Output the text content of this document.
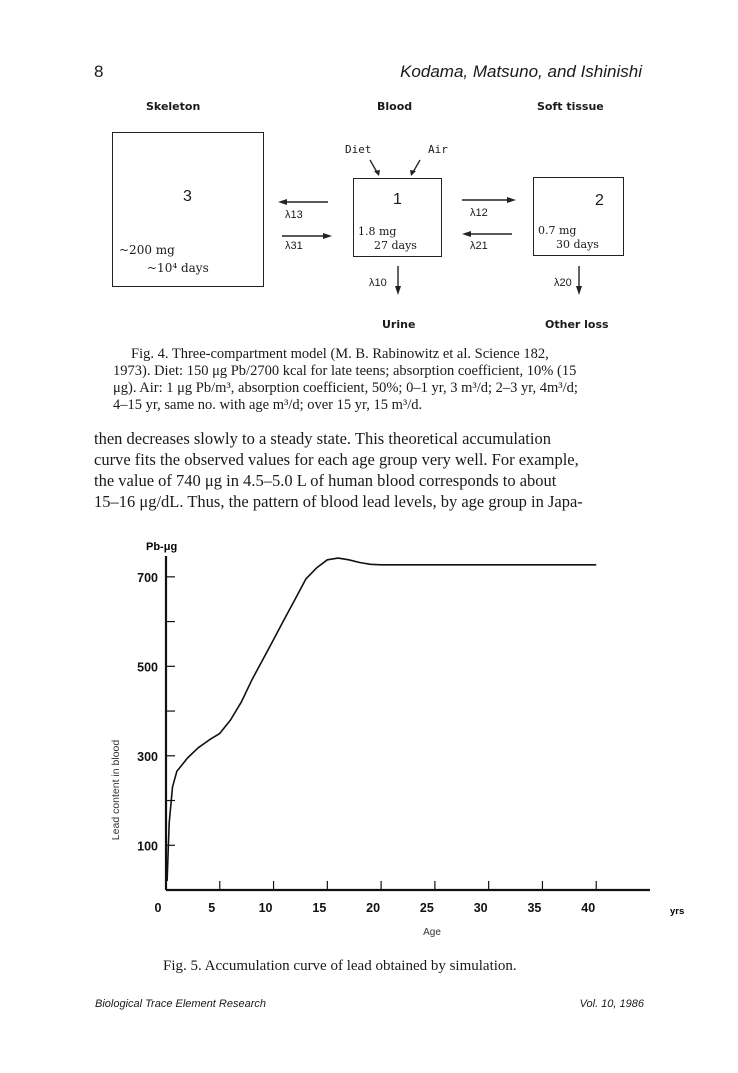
8	Kodama, Matsuno, and Ishinishi
Skeleton	Blood	Soft tissue
3
~200 mg
~10⁴ days
Diet	Air
1
1.8 mg
27 days
2
0.7 mg
30 days
λ13
λ31
λ12
λ21
λ10	λ20
Urine	Other loss
Fig. 4. Three-compartment model (M. B. Rabinowitz et al. Science 182,
1973). Diet: 150 μg Pb/2700 kcal for late teens; absorption coefficient, 10% (15
μg). Air: 1 μg Pb/m³, absorption coefficient, 50%; 0–1 yr, 3 m³/d; 2–3 yr, 4m³/d;
4–15 yr, same no. with age m³/d; over 15 yr, 15 m³/d.
then decreases slowly to a steady state. This theoretical accumulation
curve fits the observed values for each age group very well. For example,
the value of 740 μg in 4.5–5.0 L of human blood corresponds to about
15–16 μg/dL. Thus, the pattern of blood lead levels, by age group in Japa-
0	5	10	15	20	25	30	35	40
100
300
500
700
Pb-μg
Lead content in blood
Age
yrs
Fig. 5. Accumulation curve of lead obtained by simulation.
Biological Trace Element Research	Vol. 10, 1986
